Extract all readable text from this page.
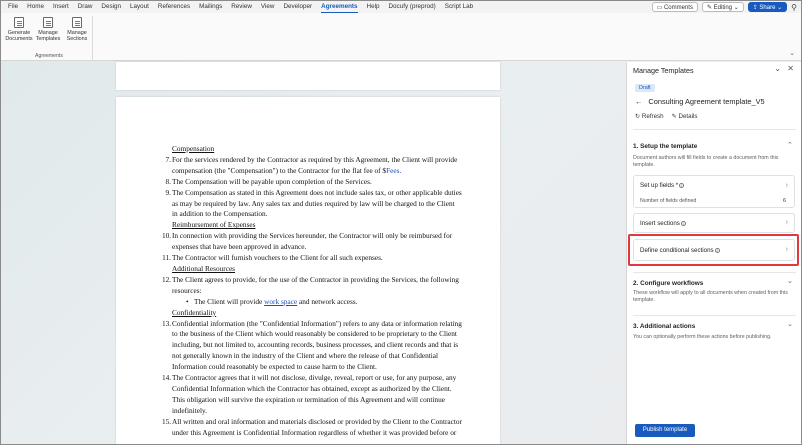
File Home Insert Draw Design Layout References Mailings Review View Developer Agreements Help Docufy (preprod) Script Lab	▭ Comments	✎ Editing ⌄	⇪ Share ⌄	⚲
Generate
Documents
Manage
Templates
Manage
Sections
Agreements	⌄
Compensation
7. For the services rendered by the Contractor as required by this Agreement, the Client will provide
compensation (the "Compensation") to the Contractor for the flat fee of $Fees.
8. The Compensation will be payable upon completion of the Services.
9. The Compensation as stated in this Agreement does not include sales tax, or other applicable duties
as may be required by law. Any sales tax and duties required by law will be charged to the Client
in addition to the Compensation.
Reimbursement of Expenses
10. In connection with providing the Services hereunder, the Contractor will only be reimbursed for
expenses that have been approved in advance.
11. The Contractor will furnish vouchers to the Client for all such expenses.
Additional Resources
12. The Client agrees to provide, for the use of the Contractor in providing the Services, the following
resources:
• The Client will provide work space and network access.
Confidentiality
13. Confidential information (the "Confidential Information") refers to any data or information relating
to the business of the Client which would reasonably be considered to be proprietary to the Client
including, but not limited to, accounting records, business processes, and client records and that is
not generally known in the industry of the Client and where the release of that Confidential
Information could reasonably be expected to cause harm to the Client.
14. The Contractor agrees that it will not disclose, divulge, reveal, report or use, for any purpose, any
Confidential Information which the Contractor has obtained, except as authorized by the Client.
This obligation will survive the expiration or termination of this Agreement and will continue
indefinitely.
15. All written and oral information and materials disclosed or provided by the Client to the Contractor
under this Agreement is Confidential Information regardless of whether it was provided before or
Manage Templates	⌄ ✕
Draft
← Consulting Agreement template_V5
↻ Refresh ✎ Details
1. Setup the template	⌃
Document authors will fill fields to create a document from this template.
Set up fields * i	›
Number of fields defined	6
Insert sections i	›
Define conditional sections i	›
2. Configure workflows	⌄
These workflow will apply to all documents when created from this template.
3. Additional actions	⌄
You can optionally perform these actions before publishing.
Publish template
